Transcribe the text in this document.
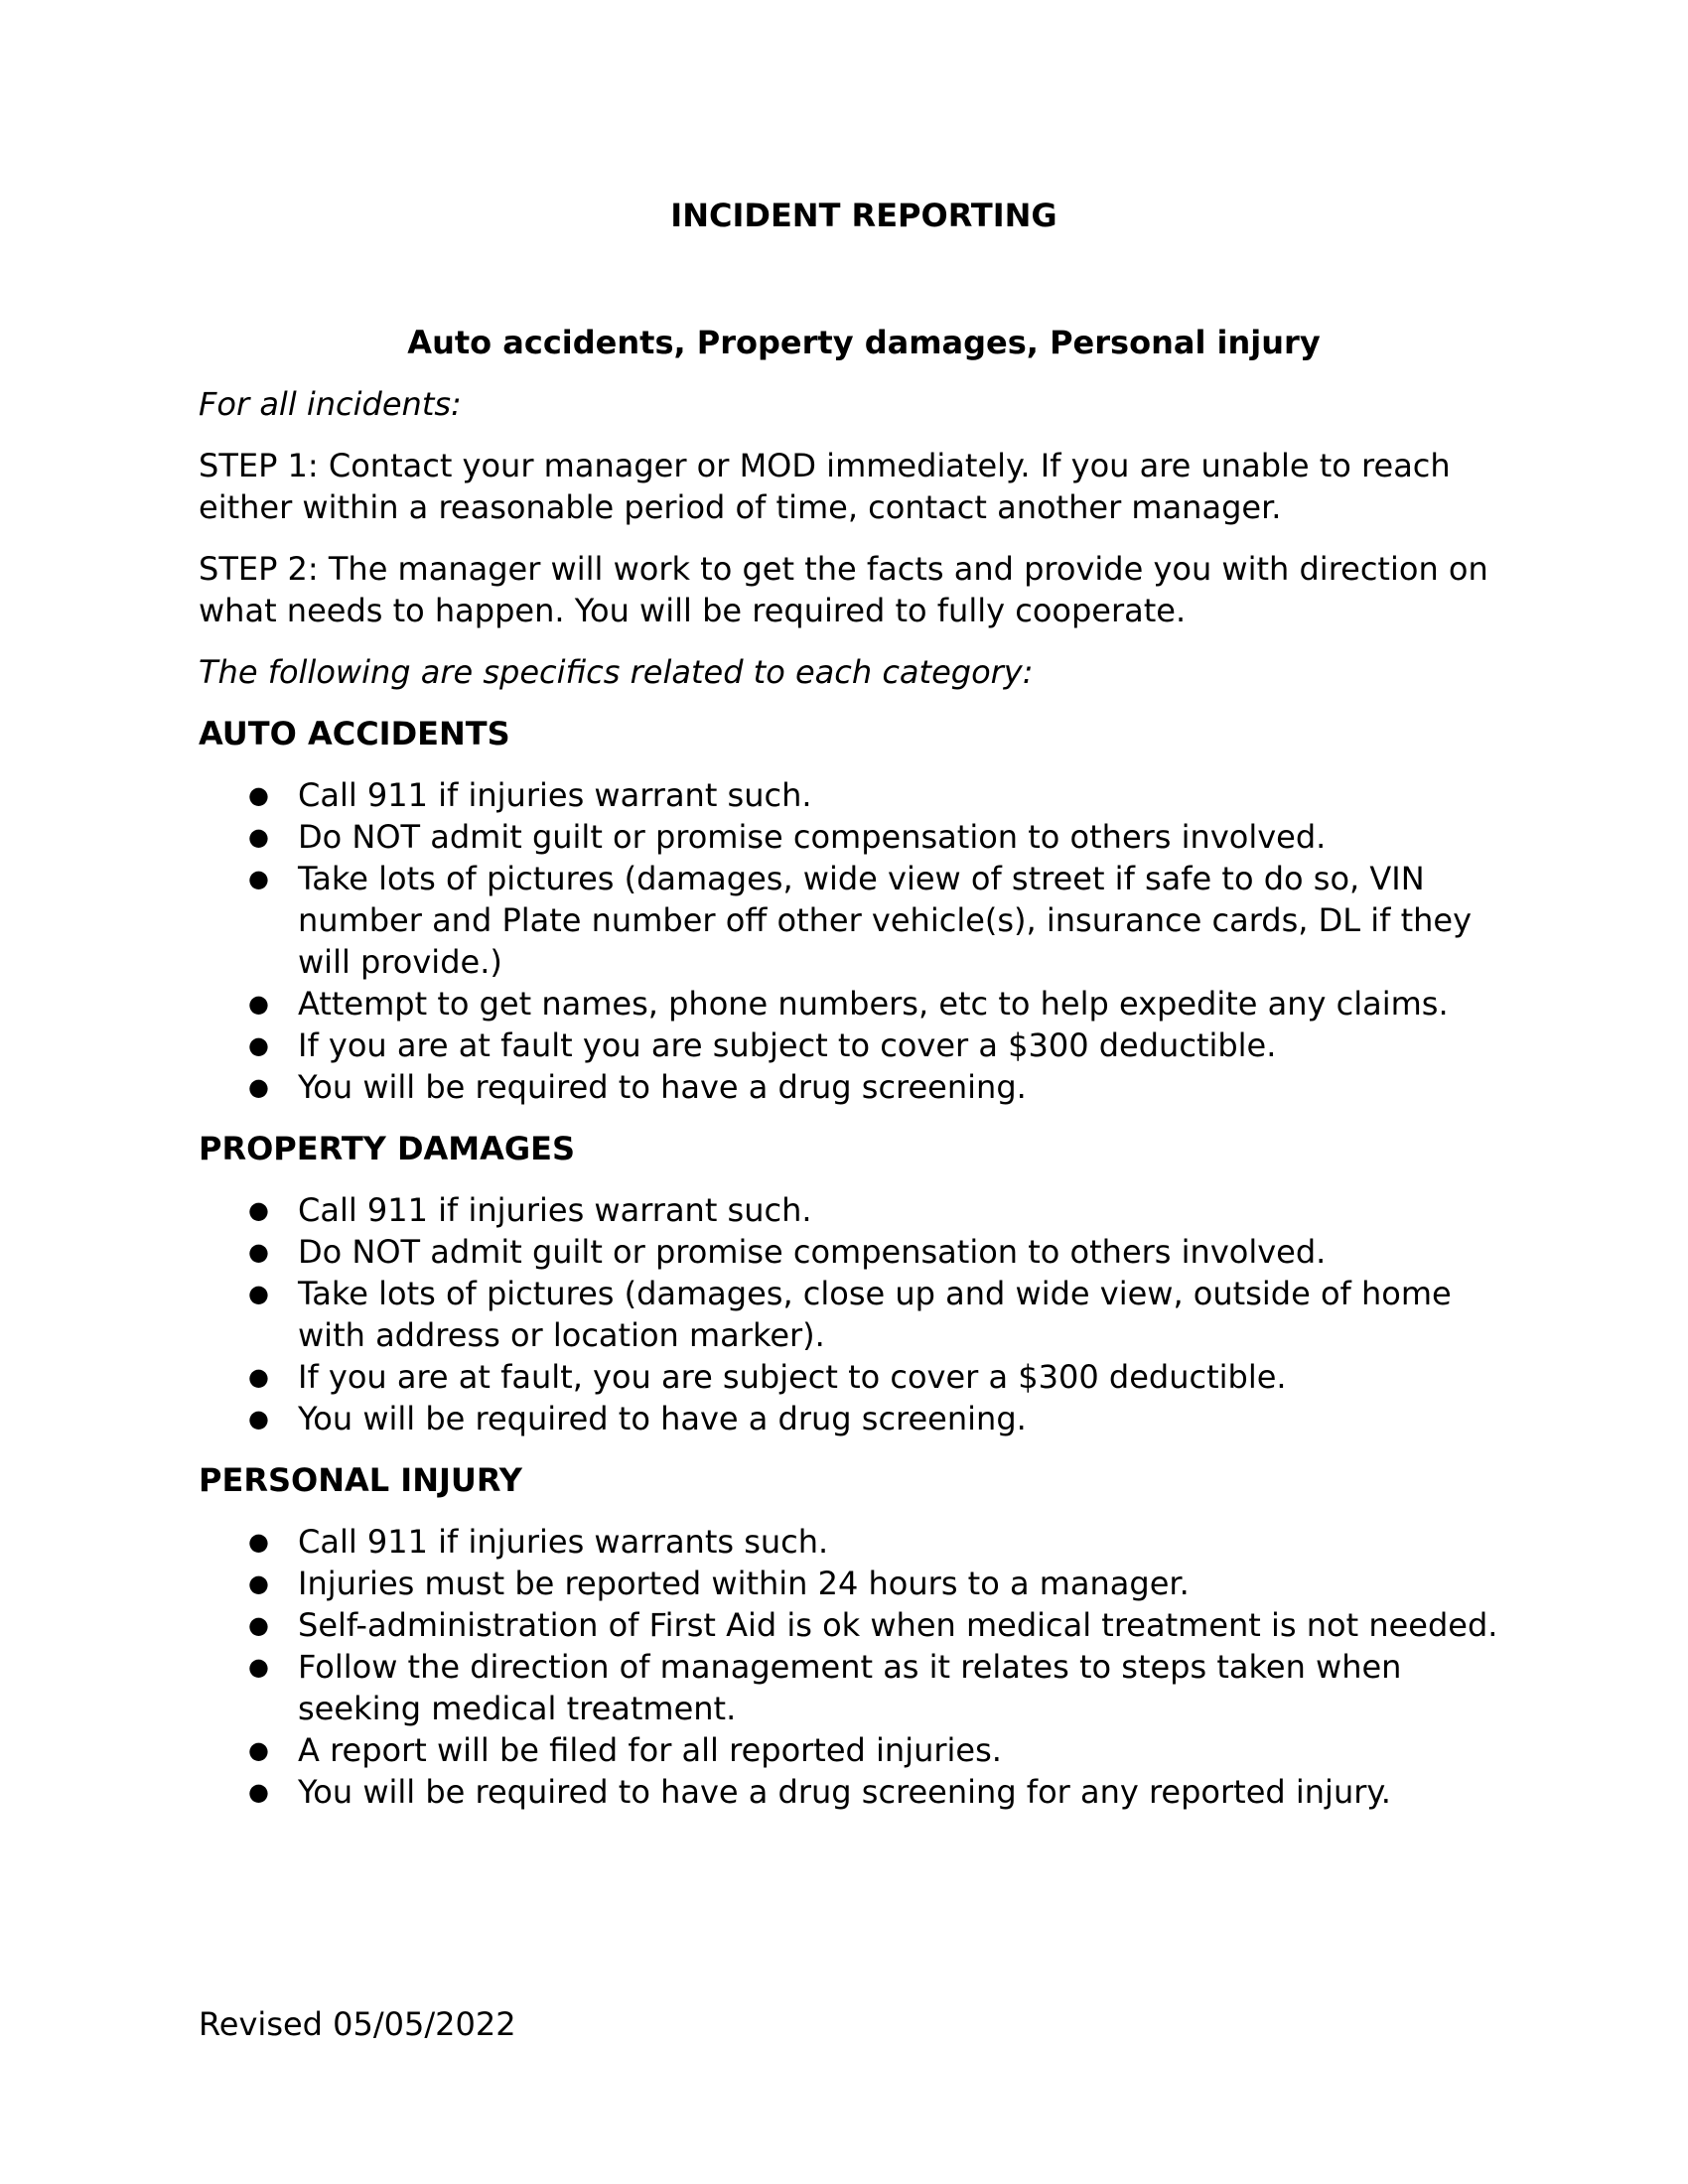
INCIDENT REPORTING

Auto accidents, Property damages, Personal injury

For all incidents:

STEP 1: Contact your manager or MOD immediately. If you are unable to reach either within a reasonable period of time, contact another manager.

STEP 2: The manager will work to get the facts and provide you with direction on what needs to happen. You will be required to fully cooperate.

The following are specifics related to each category:

AUTO ACCIDENTS

● Call 911 if injuries warrant such.
● Do NOT admit guilt or promise compensation to others involved.
● Take lots of pictures (damages, wide view of street if safe to do so, VIN number and Plate number off other vehicle(s), insurance cards, DL if they will provide.)
● Attempt to get names, phone numbers, etc to help expedite any claims.
● If you are at fault you are subject to cover a $300 deductible.
● You will be required to have a drug screening.

PROPERTY DAMAGES

● Call 911 if injuries warrant such.
● Do NOT admit guilt or promise compensation to others involved.
● Take lots of pictures (damages, close up and wide view, outside of home with address or location marker).
● If you are at fault, you are subject to cover a $300 deductible.
● You will be required to have a drug screening.

PERSONAL INJURY

● Call 911 if injuries warrants such.
● Injuries must be reported within 24 hours to a manager.
● Self-administration of First Aid is ok when medical treatment is not needed.
● Follow the direction of management as it relates to steps taken when seeking medical treatment.
● A report will be filed for all reported injuries.
● You will be required to have a drug screening for any reported injury.

Revised 05/05/2022
